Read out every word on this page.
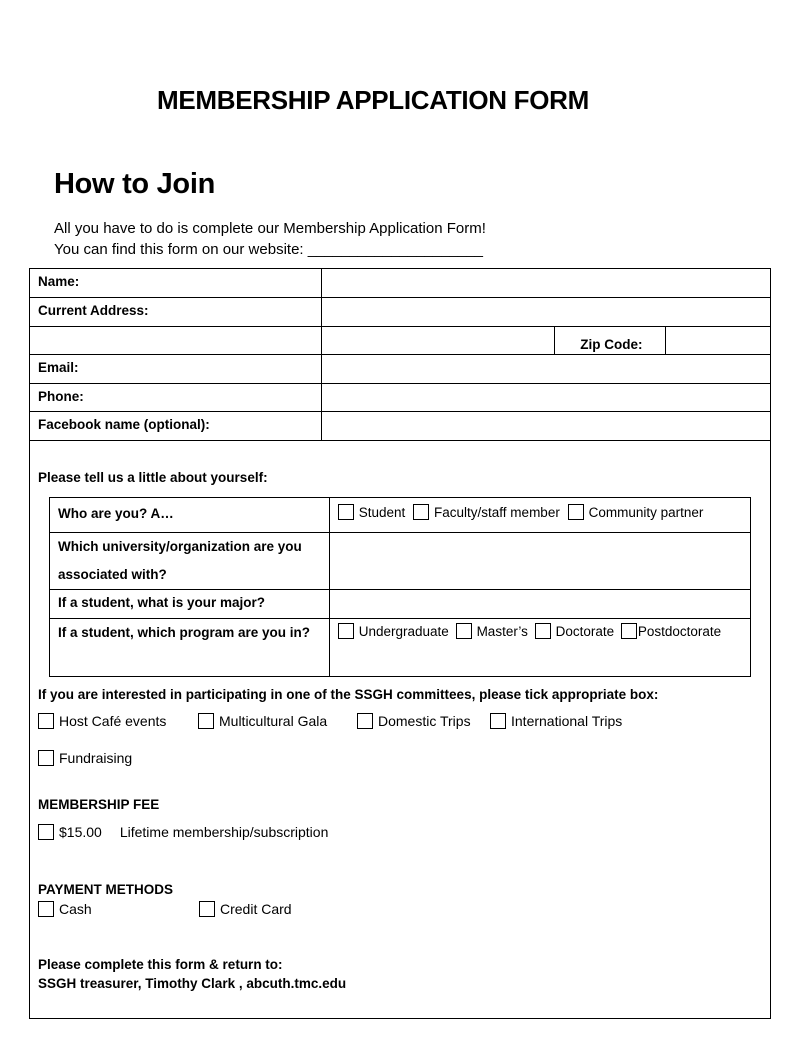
MEMBERSHIP APPLICATION FORM
How to Join
All you have to do is complete our Membership Application Form!
You can find this form on our website: _____________________
Name:			
Current Address:			
		Zip Code:	
Email:			
Phone:			
Facebook name (optional):			
Please tell us a little about yourself:
Who are you? A…	Student Faculty/staff member Community partner

Which university/organization are you
associated with?	

If a student, what is your major?	
If a student, which program are you in?	Undergraduate Master’s Doctorate Postdoctorate
If you are interested in participating in one of the SSGH committees, please tick appropriate box:
Host Café events	Multicultural Gala	Domestic Trips	International Trips
Fundraising
MEMBERSHIP FEE
$15.00 Lifetime membership/subscription
PAYMENT METHODS
Cash	Credit Card
Please complete this form & return to:
SSGH treasurer, Timothy Clark , abcuth.tmc.edu
